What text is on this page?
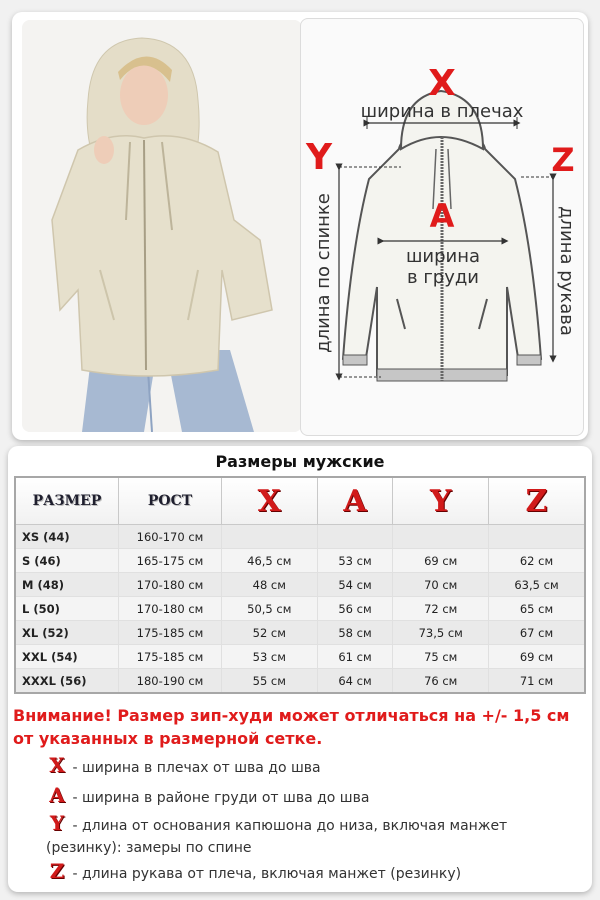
X
Y	Z
A
ширина в плечах
ширина
в груди
длина по спинке	длина рукава
Размеры мужские
РАЗМЕР	РОСТ	X	A	Y	Z
XS (44)	160-170 см				
S (46)	165-175 см	46,5 см	53 см	69 см	62 см
M (48)	170-180 см	48 см	54 см	70 см	63,5 см
L (50)	170-180 см	50,5 см	56 см	72 см	65 см
XL (52)	175-185 см	52 см	58 см	73,5 см	67 см
XXL (54)	175-185 см	53 см	61 см	75 см	69 см
XXXL (56)	180-190 см	55 см	64 см	76 см	71 см
Внимание! Размер зип-худи может отличаться на +/- 1,5 см от указанных в размерной сетке.
X - ширина в плечах от шва до шва
A - ширина в районе груди от шва до шва
Y - длина от основания капюшона до низа, включая манжет (резинку): замеры по спине
Z - длина рукава от плеча, включая манжет (резинку)
